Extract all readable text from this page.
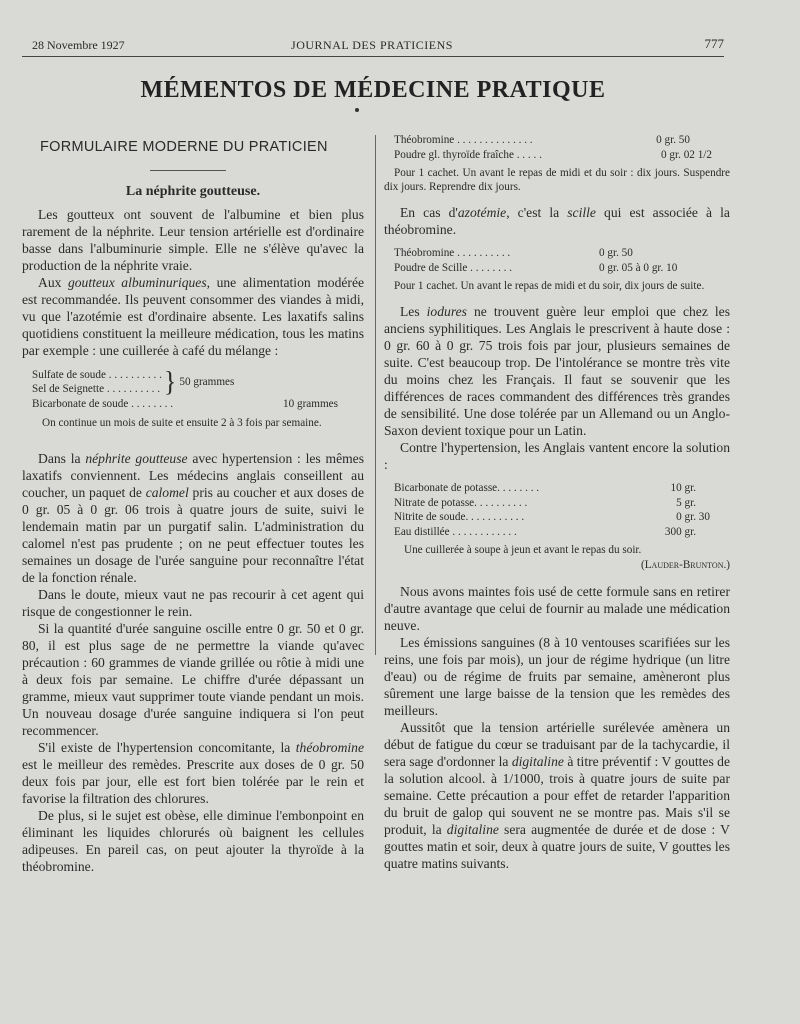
28 Novembre 1927	JOURNAL DES PRATICIENS	777
MÉMENTOS DE MÉDECINE PRATIQUE
FORMULAIRE MODERNE DU PRATICIEN
La néphrite goutteuse.

Les goutteux ont souvent de l'albumine et bien plus rarement de la néphrite. Leur tension artérielle est d'ordinaire basse dans l'albuminurie simple. Elle ne s'élève qu'avec la production de la néphrite vraie.

Aux goutteux albuminuriques, une alimentation modérée est recommandée. Ils peuvent consommer des viandes à midi, vu que l'azotémie est d'ordinaire absente. Les laxatifs salins quotidiens constituent la meilleure médication, tous les matins par exemple : une cuillerée à café du mélange :

Sulfate de soude . . . . . . . . . .
Sel de Seignette . . . . . . . . . . } 50 grammes
Bicarbonate de soude . . . . . . . .	10 grammes
On continue un mois de suite et ensuite 2 à 3 fois par semaine.

Dans la néphrite goutteuse avec hypertension : les mêmes laxatifs conviennent. Les médecins anglais conseillent au coucher, un paquet de calomel pris au coucher et aux doses de 0 gr. 05 à 0 gr. 06 trois à quatre jours de suite, suivi le lendemain matin par un purgatif salin. L'administration du calomel n'est pas prudente ; on ne peut effectuer toutes les semaines un dosage de l'urée sanguine pour reconnaître l'état de la fonction rénale.

Dans le doute, mieux vaut ne pas recourir à cet agent qui risque de congestionner le rein.

Si la quantité d'urée sanguine oscille entre 0 gr. 50 et 0 gr. 80, il est plus sage de ne permettre la viande qu'avec précaution : 60 grammes de viande grillée ou rôtie à midi une à deux fois par semaine. Le chiffre d'urée dépassant un gramme, mieux vaut supprimer toute viande pendant un mois. Un nouveau dosage d'urée sanguine indiquera si l'on peut recommencer.

S'il existe de l'hypertension concomitante, la théobromine est le meilleur des remèdes. Prescrite aux doses de 0 gr. 50 deux fois par jour, elle est fort bien tolérée par le rein et favorise la filtration des chlorures.

De plus, si le sujet est obèse, elle diminue l'embonpoint en éliminant les liquides chlorurés où baignent les cellules adipeuses. En pareil cas, on peut ajouter la thyroïde à la théobromine.

Théobromine . . . . . . . . . . . . . .	0 gr. 50
Poudre gl. thyroïde fraîche . . . . .	0 gr. 02 1/2
Pour 1 cachet. Un avant le repas de midi et du soir : dix jours. Suspendre dix jours. Reprendre dix jours.

En cas d'azotémie, c'est la scille qui est associée à la théobromine.

Théobromine . . . . . . . . . .	0 gr. 50
Poudre de Scille . . . . . . . .	0 gr. 05 à 0 gr. 10
Pour 1 cachet. Un avant le repas de midi et du soir, dix jours de suite.

Les iodures ne trouvent guère leur emploi que chez les anciens syphilitiques. Les Anglais le prescrivent à haute dose : 0 gr. 60 à 0 gr. 75 trois fois par jour, plusieurs semaines de suite. C'est beaucoup trop. De l'intolérance se montre très vite du moins chez les Français. Il faut se souvenir que les différences de races commandent des différences très grandes de sensibilité. Une dose tolérée par un Allemand ou un Anglo-Saxon devient toxique pour un Latin.

Contre l'hypertension, les Anglais vantent encore la solution :

Bicarbonate de potasse. . . . . . . .	10 gr.
Nitrate de potasse. . . . . . . . . .	5 gr.
Nitrite de soude. . . . . . . . . . .	0 gr. 30
Eau distillée . . . . . . . . . . . .	300 gr.
Une cuillerée à soupe à jeun et avant le repas du soir.
(Lauder-Brunton.)

Nous avons maintes fois usé de cette formule sans en retirer d'autre avantage que celui de fournir au malade une médication neuve.

Les émissions sanguines (8 à 10 ventouses scarifiées sur les reins, une fois par mois), un jour de régime hydrique (un litre d'eau) ou de régime de fruits par semaine, amèneront plus sûrement une large baisse de la tension que les remèdes des meilleurs.

Aussitôt que la tension artérielle surélevée amènera un début de fatigue du cœur se traduisant par de la tachycardie, il sera sage d'ordonner la digitaline à titre préventif : V gouttes de la solution alcool. à 1/1000, trois à quatre jours de suite par semaine. Cette précaution a pour effet de retarder l'apparition du bruit de galop qui souvent ne se montre pas. Mais s'il se produit, la digitaline sera augmentée de durée et de dose : V gouttes matin et soir, deux à quatre jours de suite, V gouttes les quatre matins suivants.
